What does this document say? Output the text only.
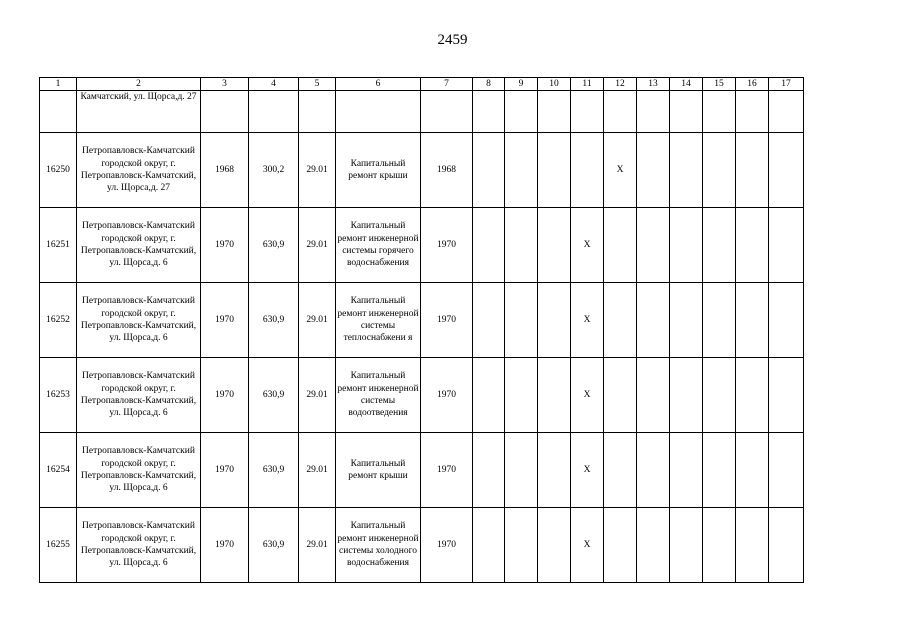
2459
1	2	3	4	5	6	7	8	9	10	11	12	13	14	15	16	17
	Камчатский, ул. Щорса,д. 27															
16250	Петропавловск-Камчатский городской округ, г. Петропавловск-Камчатский, ул. Щорса,д. 27	1968	300,2	29.01	Капитальный ремонт крыши	1968					X					
16251	Петропавловск-Камчатский городской округ, г. Петропавловск-Камчатский, ул. Щорса,д. 6	1970	630,9	29.01	Капитальный ремонт инженерной системы горячего водоснабжения	1970				X						
16252	Петропавловск-Камчатский городской округ, г. Петропавловск-Камчатский, ул. Щорса,д. 6	1970	630,9	29.01	Капитальный ремонт инженерной системы теплоснабжени я	1970				X						
16253	Петропавловск-Камчатский городской округ, г. Петропавловск-Камчатский, ул. Щорса,д. 6	1970	630,9	29.01	Капитальный ремонт инженерной системы водоотведения	1970				X						
16254	Петропавловск-Камчатский городской округ, г. Петропавловск-Камчатский, ул. Щорса,д. 6	1970	630,9	29.01	Капитальный ремонт крыши	1970				X						
16255	Петропавловск-Камчатский городской округ, г. Петропавловск-Камчатский, ул. Щорса,д. 6	1970	630,9	29.01	Капитальный ремонт инженерной системы холодного водоснабжения	1970				X						
